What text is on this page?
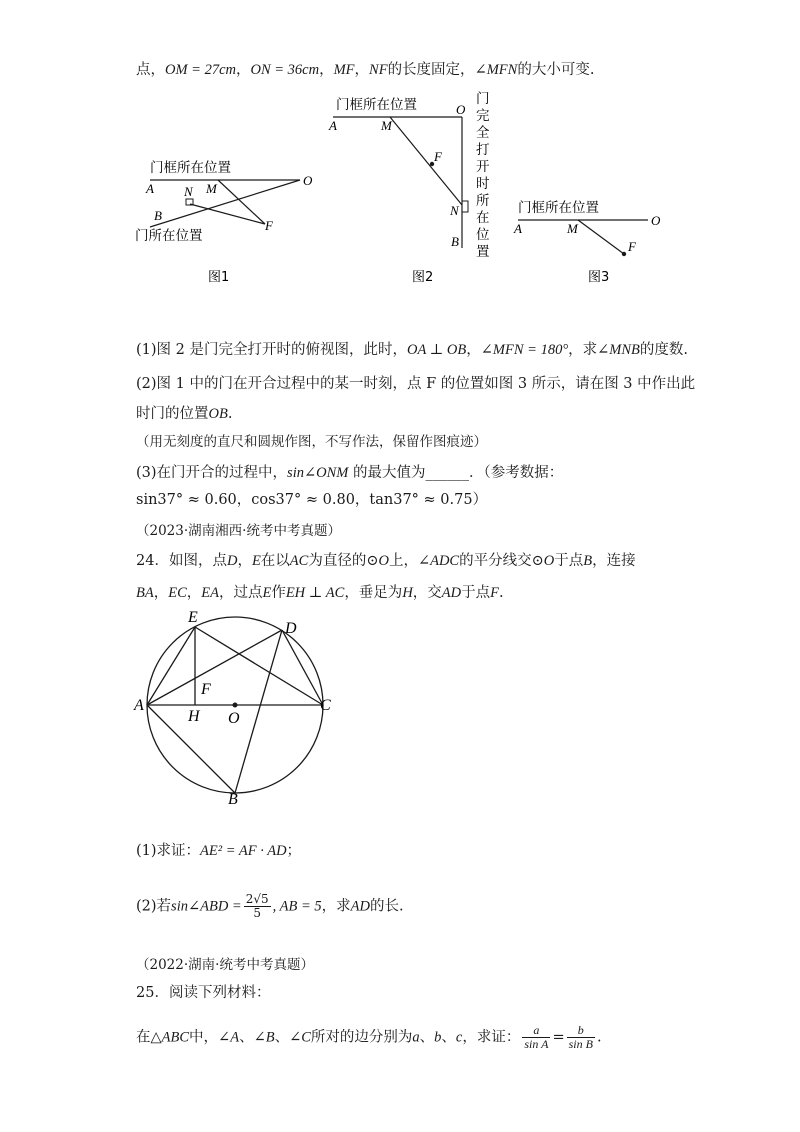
点，OM = 27cm，ON = 36cm，MF，NF的长度固定，∠MFN的大小可变.
门框所在位置
门所在位置
A N M
O
B
F
图1
门框所在位置
A	M
O
F
N
B
门
完
全
打
开
时
所
在
位
置
图2
门框所在位置
A	M
O
F
图3
(1)图 2 是门完全打开时的俯视图，此时，OA ⊥ OB，∠MFN = 180°，求∠MNB的度数.
(2)图 1 中的门在开合过程中的某一时刻，点 F 的位置如图 3 所示，请在图 3 中作出此
时门的位置OB.
（用无刻度的直尺和圆规作图，不写作法，保留作图痕迹）
(3)在门开合的过程中，sin∠ONM 的最大值为______．（参考数据：
sin37° ≈ 0.60，cos37° ≈ 0.80，tan37° ≈ 0.75）
（2023·湖南湘西·统考中考真题）
24．如图，点D，E在以AC为直径的⊙O上，∠ADC的平分线交⊙O于点B，连接
BA，EC，EA，过点E作EH ⊥ AC，垂足为H，交AD于点F.
E
D
F
A
H O
C
B
(1)求证：AE² = AF · AD；
(2)若sin∠ABD = $\frac{2√5}{5}$ , AB = 5，求AD的长.
（2022·湖南·统考中考真题）
25．阅读下列材料：
在△ABC中，∠A、∠B、∠C所对的边分别为a、b、c，求证： $\frac{a}{\text{sin A}} = \frac{b}{\text{sin B}}$ .
